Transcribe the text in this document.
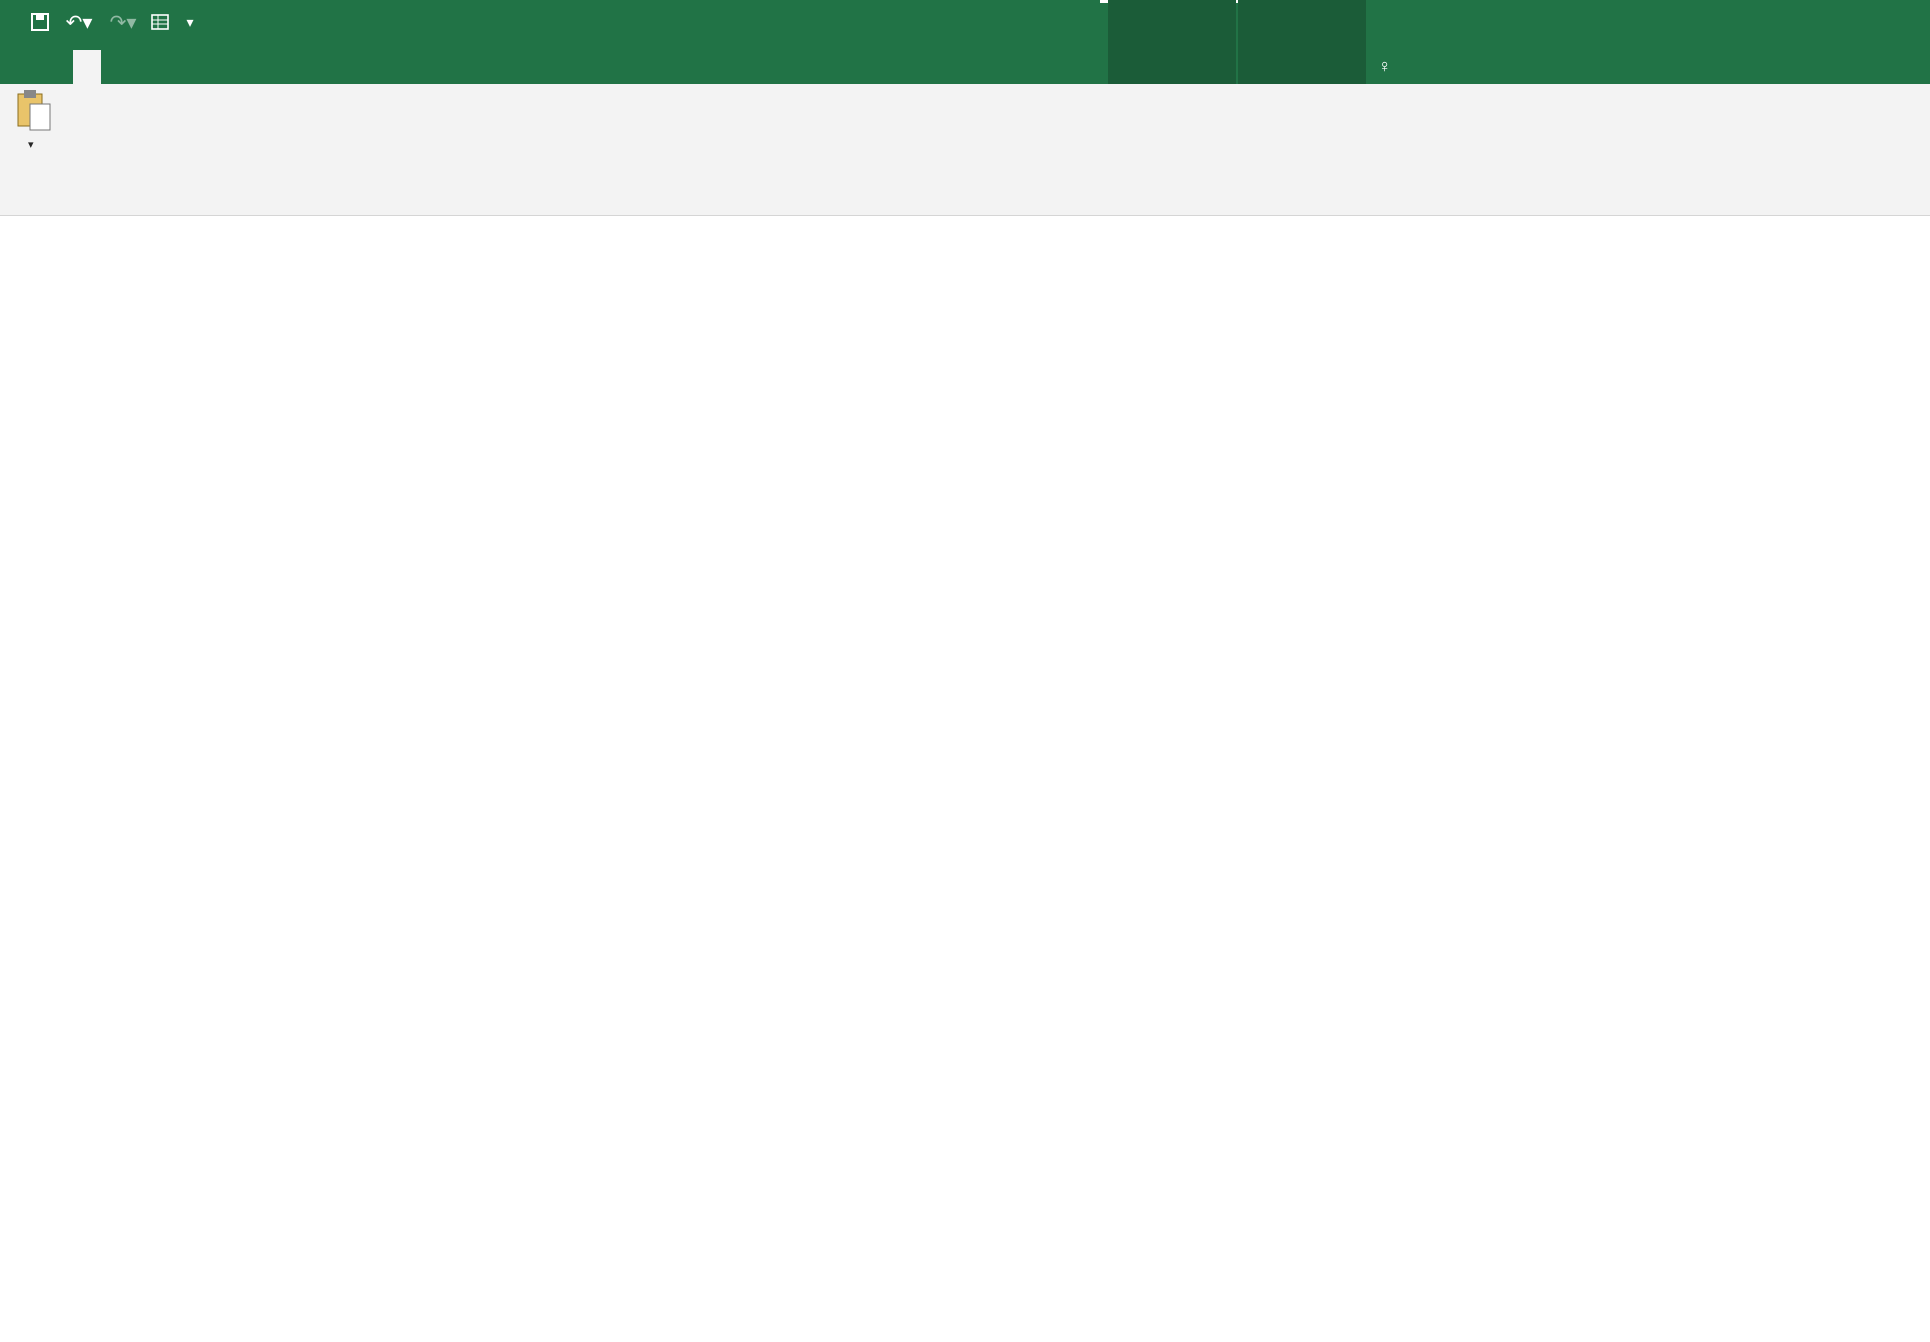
↶▾ ↷▾	▾
♀
▾
